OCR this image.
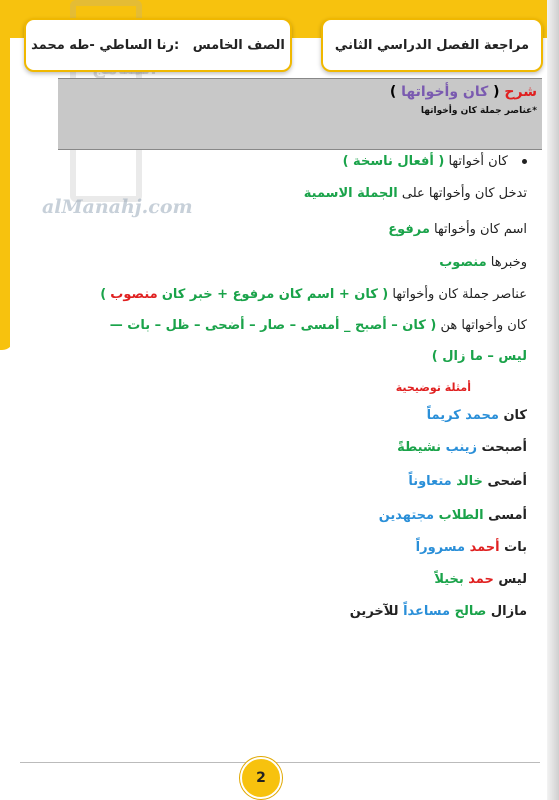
alManahj.com
مراجعة الفصل الدراسي الثاني
الصف الخامس   :رنا الساطي -طه محمد
شرح ( كان وأخواتها )
*عناصر جملة كان وأخواتها
كان أخواتها ( أفعال ناسخة )
تدخل كان وأخواتها على الجملة الاسمية
اسم كان وأخواتها مرفوع
وخبرها منصوب
عناصر جملة كان وأخواتها ( كان + اسم كان مرفوع + خبر كان منصوب )
كان وأخواتها هن ( كان – أصبح _ أمسى – صار – أضحى – ظل – بات —
ليس – ما زال )
أمثلة توضيحية
كان محمد كريماً
أصبحت زينب نشيطةً
أضحى خالد متعاوناً
أمسى الطلاب مجتهدين
بات أحمد مسروراً
ليس حمد بخيلاً
مازال صالح مساعداً للآخرين
2
